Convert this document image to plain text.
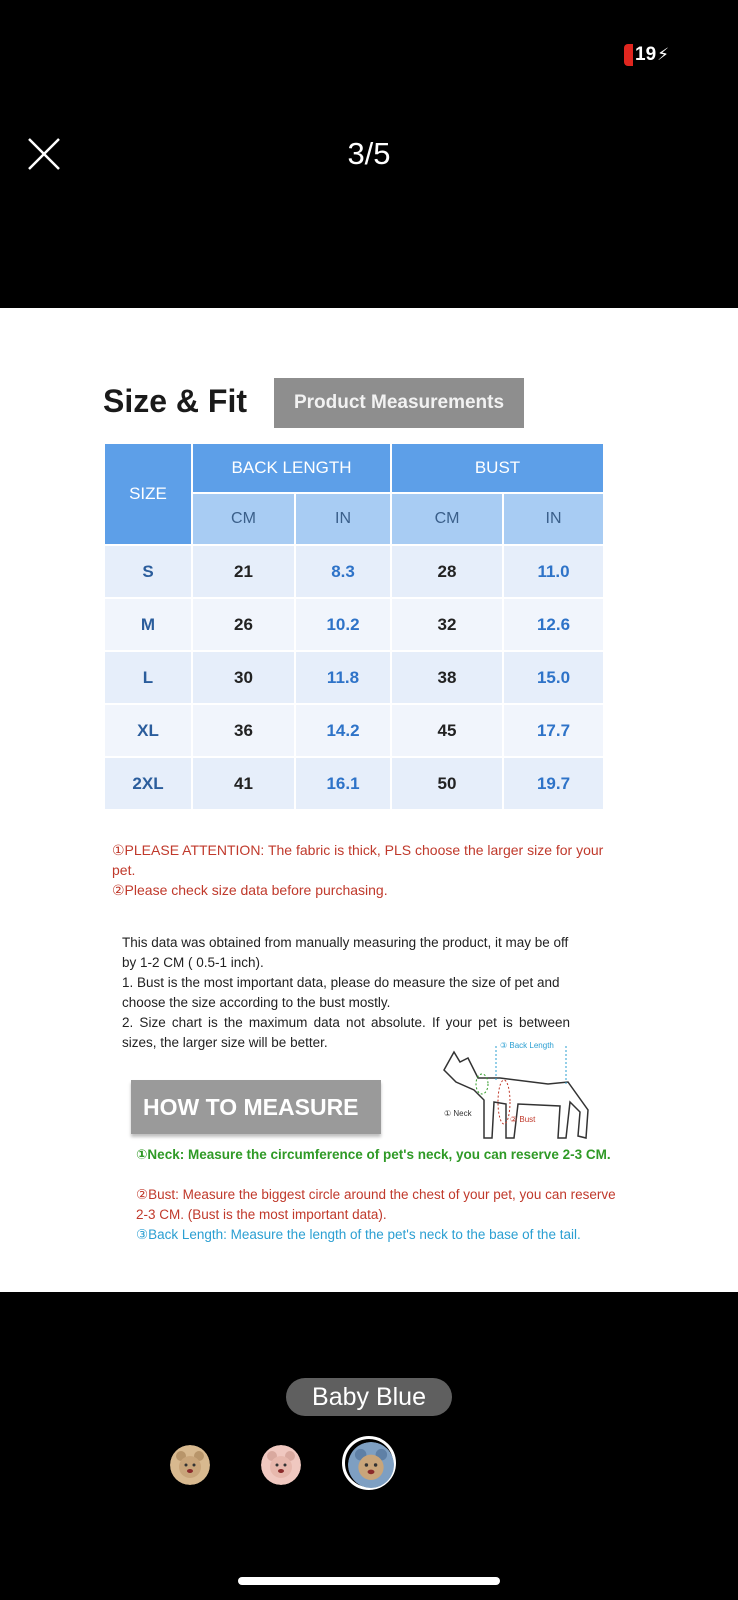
19 ⚡
3/5
Size & Fit	Product Measurements
SIZE	BACK LENGTH		BUST	
	CM	IN	CM	IN
S	21	8.3	28	11.0
M	26	10.2	32	12.6
L	30	11.8	38	15.0
XL	36	14.2	45	17.7
2XL	41	16.1	50	19.7
①PLEASE ATTENTION: The fabric is thick, PLS choose the larger size for your pet.
②Please check size data before purchasing.
This data was obtained from manually measuring the product, it may be off by 1-2 CM ( 0.5-1 inch).
1. Bust is the most important data, please do measure the size of pet and choose the size according to the bust mostly.
2. Size chart is the maximum data not absolute. If your pet is between sizes, the larger size will be better.
HOW TO MEASURE
③ Back Length
① Neck
② Bust
①Neck: Measure the circumference of pet's neck, you can reserve 2-3 CM.
②Bust: Measure the biggest circle around the chest of your pet, you can reserve 2-3 CM. (Bust is the most important data).
③Back Length: Measure the length of the pet's neck to the base of the tail.
Baby Blue
